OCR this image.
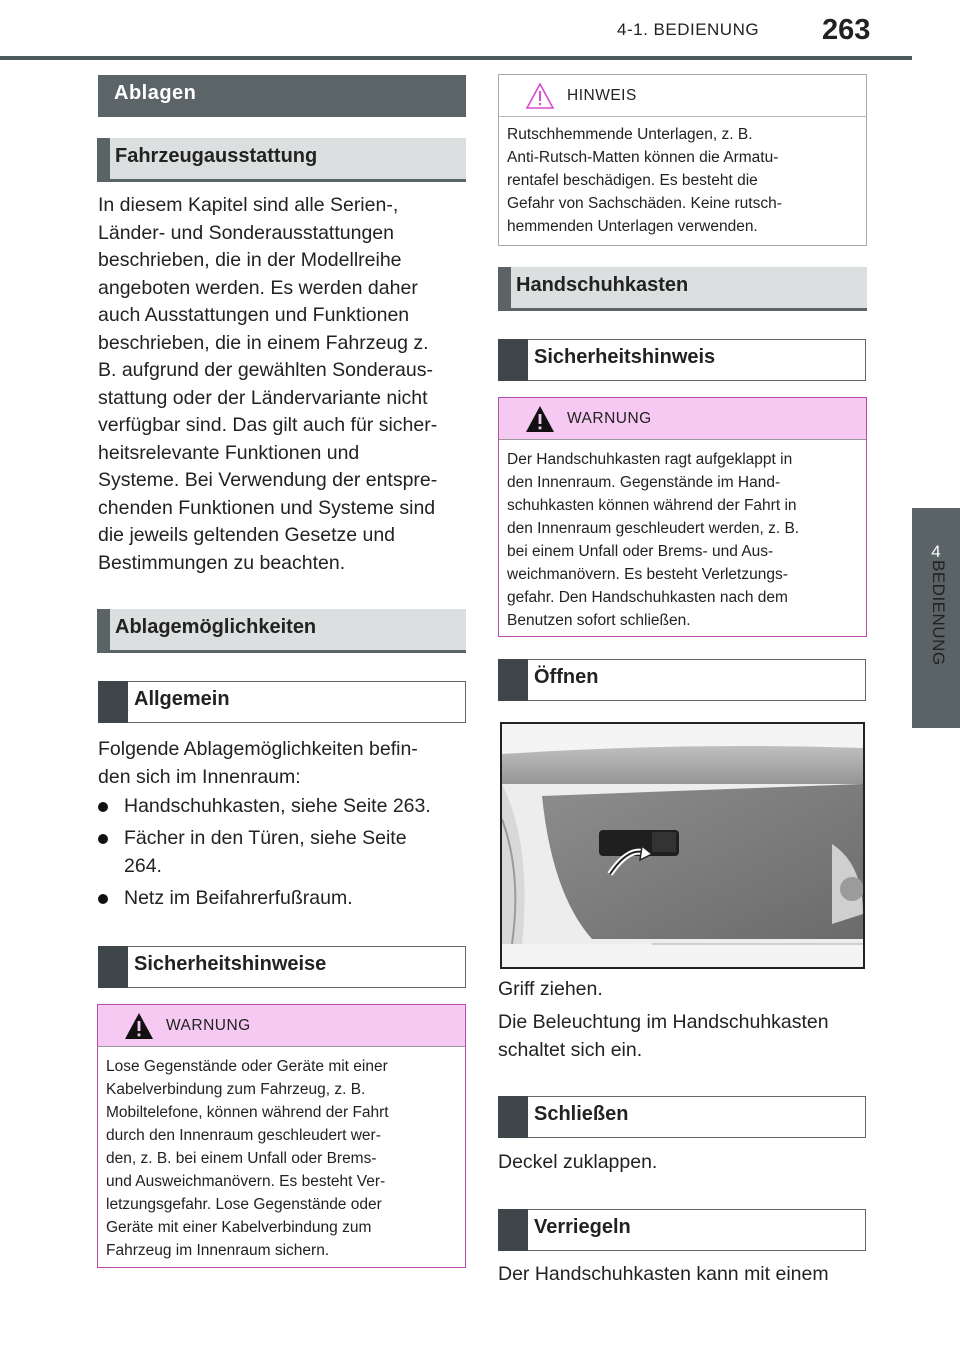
4-1. BEDIENUNG 263
4
BEDIENUNG
Ablagen
Fahrzeugausstattung
In diesem Kapitel sind alle Serien-,
Länder- und Sonderausstattungen
beschrieben, die in der Modellreihe
angeboten werden. Es werden daher
auch Ausstattungen und Funktionen
beschrieben, die in einem Fahrzeug z.
B. aufgrund der gewählten Sonderaus-
stattung oder der Ländervariante nicht
verfügbar sind. Das gilt auch für sicher-
heitsrelevante Funktionen und
Systeme. Bei Verwendung der entspre-
chenden Funktionen und Systeme sind
die jeweils geltenden Gesetze und
Bestimmungen zu beachten.
Ablagemöglichkeiten
Allgemein
Folgende Ablagemöglichkeiten befin-
den sich im Innenraum:
Handschuhkasten, siehe Seite 263.
Fächer in den Türen, siehe Seite
264.
Netz im Beifahrerfußraum.
Sicherheitshinweise
WARNUNG
Lose Gegenstände oder Geräte mit einer
Kabelverbindung zum Fahrzeug, z. B.
Mobiltelefone, können während der Fahrt
durch den Innenraum geschleudert wer-
den, z. B. bei einem Unfall oder Brems-
und Ausweichmanövern. Es besteht Ver-
letzungsgefahr. Lose Gegenstände oder
Geräte mit einer Kabelverbindung zum
Fahrzeug im Innenraum sichern.
HINWEIS
Rutschhemmende Unterlagen, z. B.
Anti-Rutsch-Matten können die Armatu-
rentafel beschädigen. Es besteht die
Gefahr von Sachschäden. Keine rutsch-
hemmenden Unterlagen verwenden.
Handschuhkasten
Sicherheitshinweis
WARNUNG
Der Handschuhkasten ragt aufgeklappt in
den Innenraum. Gegenstände im Hand-
schuhkasten können während der Fahrt in
den Innenraum geschleudert werden, z. B.
bei einem Unfall oder Brems- und Aus-
weichmanövern. Es besteht Verletzungs-
gefahr. Den Handschuhkasten nach dem
Benutzen sofort schließen.
Öffnen
Griff ziehen.
Die Beleuchtung im Handschuhkasten
schaltet sich ein.
Schließen
Deckel zuklappen.
Verriegeln
Der Handschuhkasten kann mit einem
